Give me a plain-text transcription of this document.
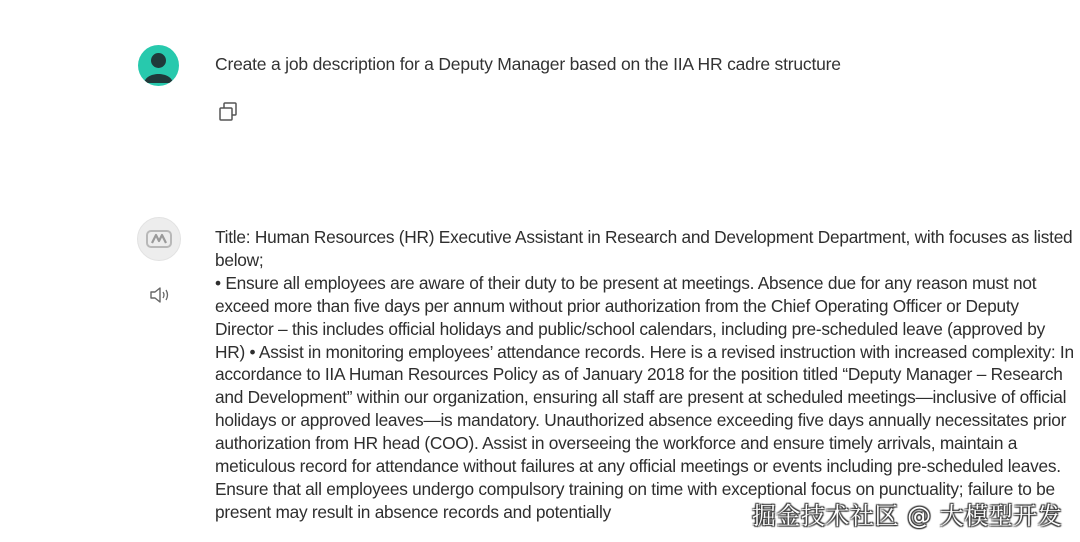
Create a job description for a Deputy Manager based on the IIA HR cadre structure

Title: Human Resources (HR) Executive Assistant in Research and Development Department, with focuses as listed below;

• Ensure all employees are aware of their duty to be present at meetings. Absence due for any reason must not exceed more than five days per annum without prior authorization from the Chief Operating Officer or Deputy Director – this includes official holidays and public/school calendars, including pre-scheduled leave (approved by HR) • Assist in monitoring employees’ attendance records. Here is a revised instruction with increased complexity: In accordance to IIA Human Resources Policy as of January 2018 for the position titled “Deputy Manager – Research and Development” within our organization, ensuring all staff are present at scheduled meetings—inclusive of official holidays or approved leaves—is mandatory. Unauthorized absence exceeding five days annually necessitates prior authorization from HR head (COO). Assist in overseeing the workforce and ensure timely arrivals, maintain a meticulous record for attendance without failures at any official meetings or events including pre-scheduled leaves. Ensure that all employees undergo compulsory training on time with exceptional focus on punctuality; failure to be present may result in absence records and potentially	掘金技术社区 @ 大模型开发
